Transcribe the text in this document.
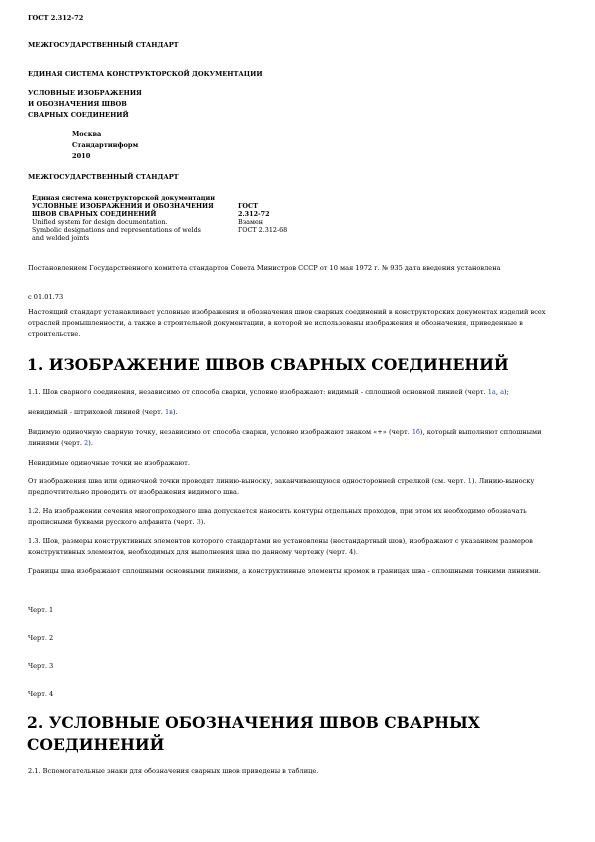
ГОСТ 2.312-72
МЕЖГОСУДАРСТВЕННЫЙ СТАНДАРТ
ЕДИНАЯ СИСТЕМА КОНСТРУКТОРСКОЙ ДОКУМЕНТАЦИИ
УСЛОВНЫЕ ИЗОБРАЖЕНИЯ
И ОБОЗНАЧЕНИЯ ШВОВ
СВАРНЫХ СОЕДИНЕНИЙ
Москва
Стандартинформ
2010
МЕЖГОСУДАРСТВЕННЫЙ СТАНДАРТ
Единая система конструкторской документации	
УСЛОВНЫЕ ИЗОБРАЖЕНИЯ И ОБОЗНАЧЕНИЯ	ГОСТ
ШВОВ СВАРНЫХ СОЕДИНЕНИЙ	2.312-72
Unified system for design documentation.	Взамен
Symbolic designations and representations of welds	ГОСТ 2.312-68
and welded joints	
Постановлением Государственного комитета стандартов Совета Министров СССР от 10 мая 1972 г. № 935 дата введения установлена
с 01.01.73
Настоящий стандарт устанавливает условные изображения и обозначения швов сварных соединений в конструкторских документах изделий всех отраслей промышленности, а также в строительной документации, в которой не использованы изображения и обозначения, приведенные в строительстве.
1. ИЗОБРАЖЕНИЕ ШВОВ СВАРНЫХ СОЕДИНЕНИЙ
1.1. Шов сварного соединения, независимо от способа сварки, условно изображают: видимый - сплошной основной линией (черт. 1а, а);
невидимый - штриховой линией (черт. 1в).
Видимую одиночную сварную точку, независимо от способа сварки, условно изображают знаком «+» (черт. 1б), который выполняют сплошными линиями (черт. 2).
Невидимые одиночные точки не изображают.
От изображения шва или одиночной точки проводят линию-выноску, заканчивающуюся односторонней стрелкой (см. черт. 1). Линию-выноску предпочтительно проводить от изображения видимого шва.
1.2. На изображении сечения многопроходного шва допускается наносить контуры отдельных проходов, при этом их необходимо обозначать прописными буквами русского алфавита (черт. 3).
1.3. Шов, размеры конструктивных элементов которого стандартами не установлены (нестандартный шов), изображают с указанием размеров конструктивных элементов, необходимых для выполнения шва по данному чертежу (черт. 4).
Границы шва изображают сплошными основными линиями, а конструктивные элементы кромок в границах шва - сплошными тонкими линиями.
Черт. 1
Черт. 2
Черт. 3
Черт. 4
2. УСЛОВНЫЕ ОБОЗНАЧЕНИЯ ШВОВ СВАРНЫХ СОЕДИНЕНИЙ
2.1. Вспомогательные знаки для обозначения сварных швов приведены в таблице.
